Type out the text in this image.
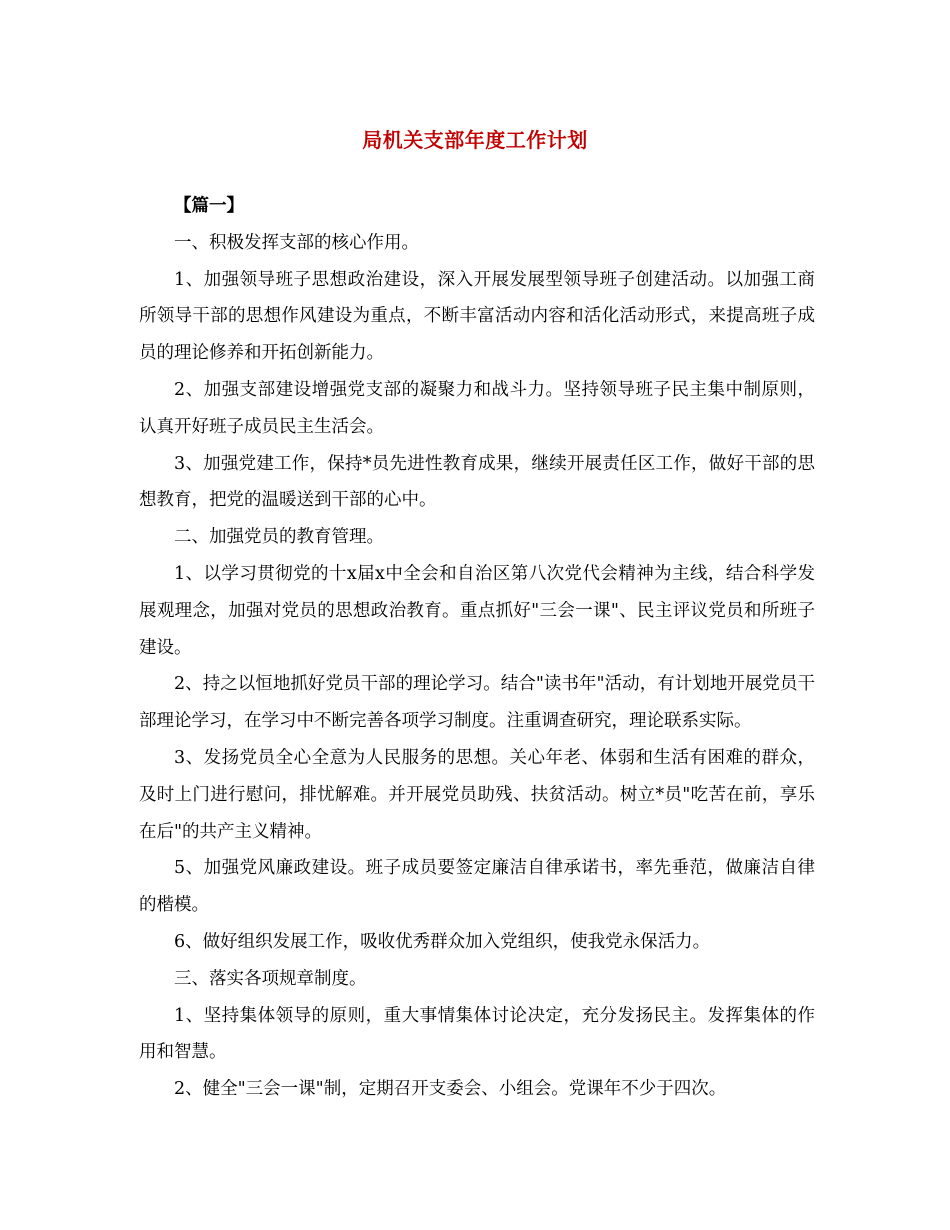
局机关支部年度工作计划

【篇一】

一、积极发挥支部的核心作用。

1、加强领导班子思想政治建设，深入开展发展型领导班子创建活动。以加强工商所领导干部的思想作风建设为重点，不断丰富活动内容和活化活动形式，来提高班子成员的理论修养和开拓创新能力。

2、加强支部建设增强党支部的凝聚力和战斗力。坚持领导班子民主集中制原则，认真开好班子成员民主生活会。

3、加强党建工作，保持*员先进性教育成果，继续开展责任区工作，做好干部的思想教育，把党的温暖送到干部的心中。

二、加强党员的教育管理。

1、以学习贯彻党的十x届x中全会和自治区第八次党代会精神为主线，结合科学发展观理念，加强对党员的思想政治教育。重点抓好"三会一课"、民主评议党员和所班子建设。

2、持之以恒地抓好党员干部的理论学习。结合"读书年"活动，有计划地开展党员干部理论学习，在学习中不断完善各项学习制度。注重调查研究，理论联系实际。

3、发扬党员全心全意为人民服务的思想。关心年老、体弱和生活有困难的群众，及时上门进行慰问，排忧解难。并开展党员助残、扶贫活动。树立*员"吃苦在前，享乐在后"的共产主义精神。

5、加强党风廉政建设。班子成员要签定廉洁自律承诺书，率先垂范，做廉洁自律的楷模。

6、做好组织发展工作，吸收优秀群众加入党组织，使我党永保活力。

三、落实各项规章制度。

1、坚持集体领导的原则，重大事情集体讨论决定，充分发扬民主。发挥集体的作用和智慧。

2、健全"三会一课"制，定期召开支委会、小组会。党课年不少于四次。
